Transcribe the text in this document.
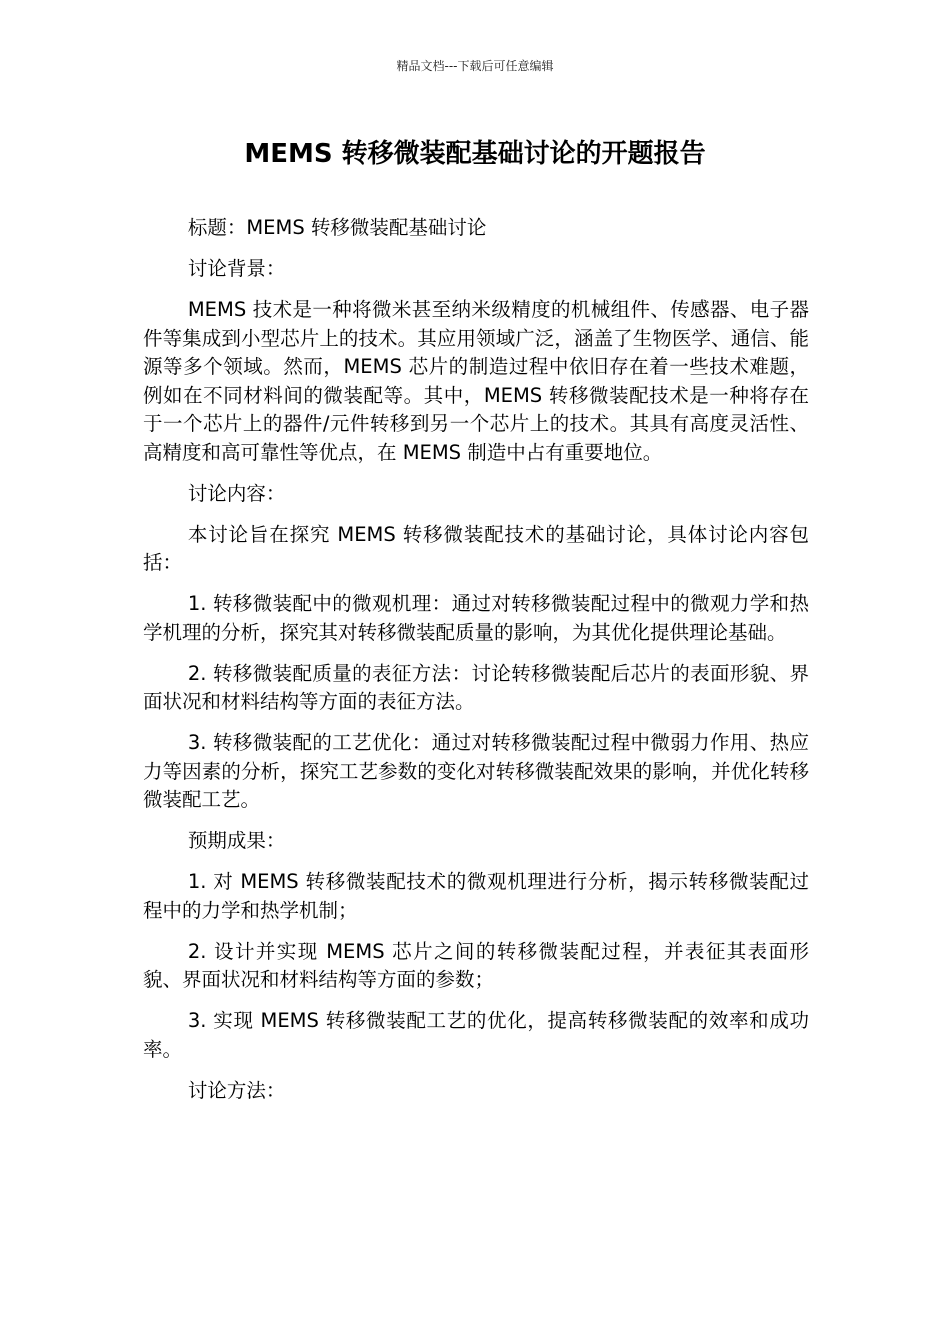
精品文档---下载后可任意编辑
MEMS 转移微装配基础讨论的开题报告

标题：MEMS 转移微装配基础讨论

讨论背景：

MEMS 技术是一种将微米甚至纳米级精度的机械组件、传感器、电子器件等集成到小型芯片上的技术。其应用领域广泛，涵盖了生物医学、通信、能源等多个领域。然而，MEMS 芯片的制造过程中依旧存在着一些技术难题，例如在不同材料间的微装配等。其中，MEMS 转移微装配技术是一种将存在于一个芯片上的器件/元件转移到另一个芯片上的技术。其具有高度灵活性、高精度和高可靠性等优点，在 MEMS 制造中占有重要地位。

讨论内容：

本讨论旨在探究 MEMS 转移微装配技术的基础讨论，具体讨论内容包括：

1. 转移微装配中的微观机理：通过对转移微装配过程中的微观力学和热学机理的分析，探究其对转移微装配质量的影响，为其优化提供理论基础。

2. 转移微装配质量的表征方法：讨论转移微装配后芯片的表面形貌、界面状况和材料结构等方面的表征方法。

3. 转移微装配的工艺优化：通过对转移微装配过程中微弱力作用、热应力等因素的分析，探究工艺参数的变化对转移微装配效果的影响，并优化转移微装配工艺。

预期成果：

1. 对 MEMS 转移微装配技术的微观机理进行分析，揭示转移微装配过程中的力学和热学机制；

2. 设计并实现 MEMS 芯片之间的转移微装配过程，并表征其表面形貌、界面状况和材料结构等方面的参数；

3. 实现 MEMS 转移微装配工艺的优化，提高转移微装配的效率和成功率。

讨论方法：
